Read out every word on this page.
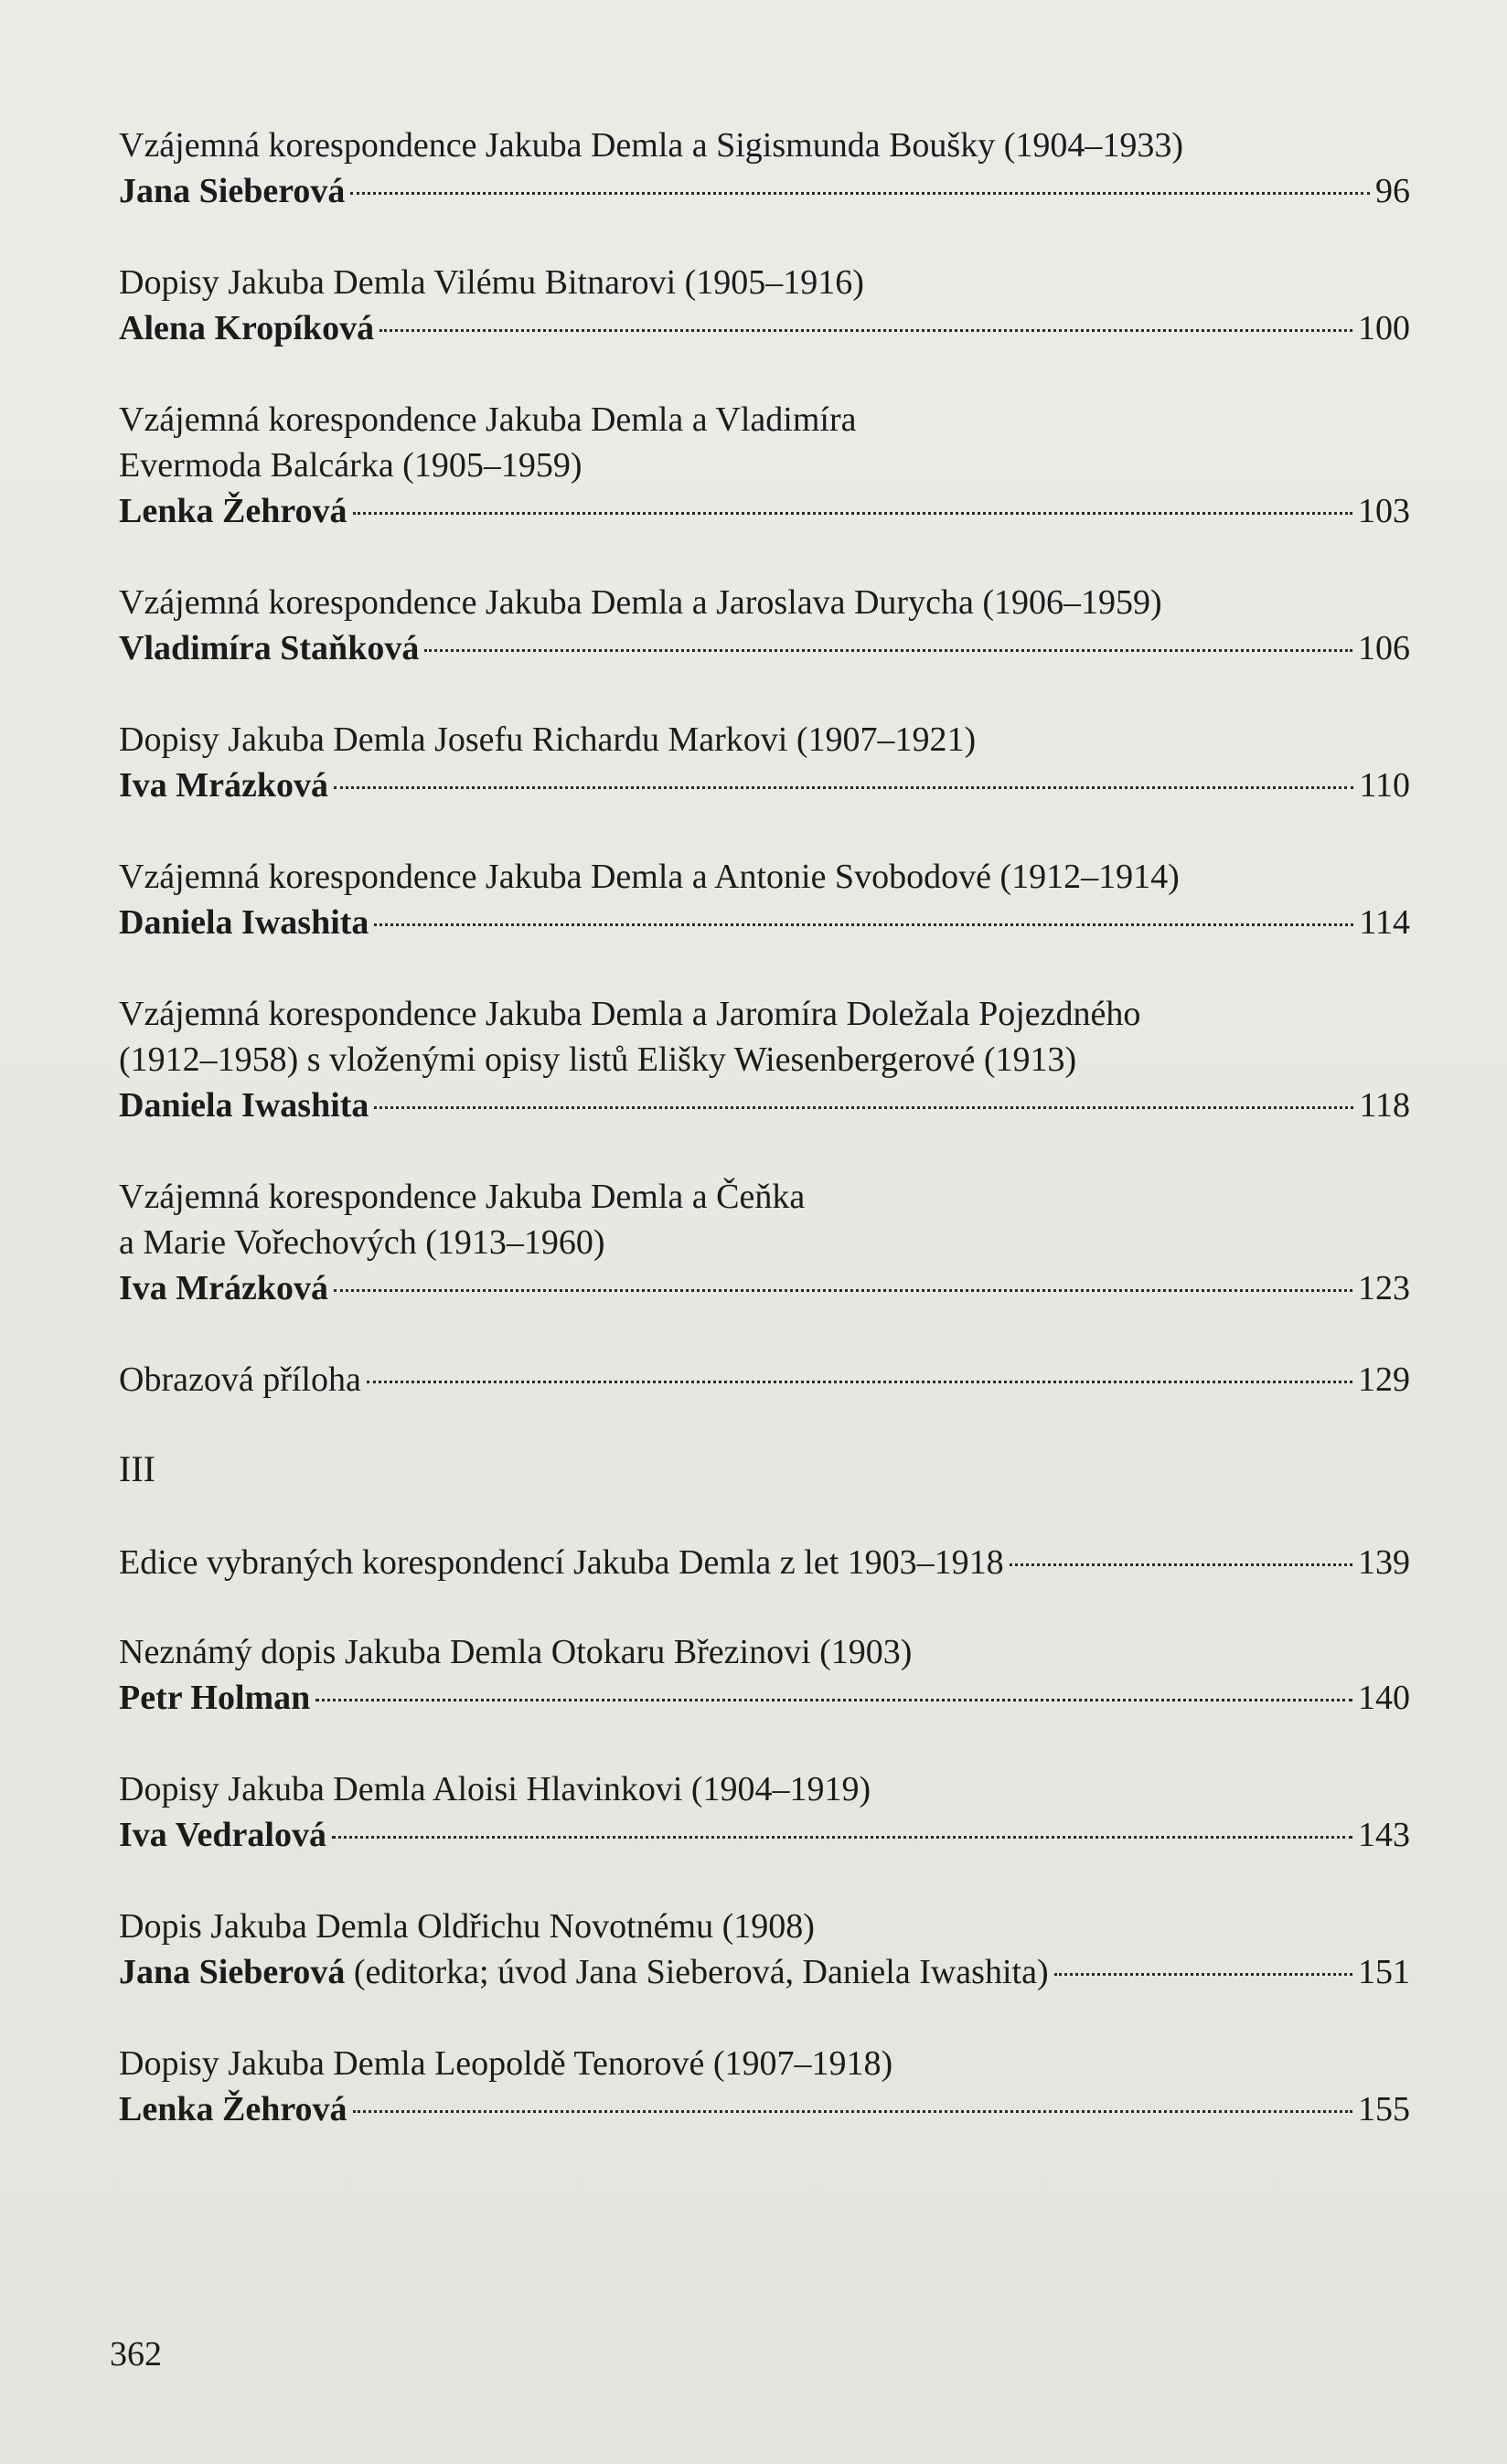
Vzájemná korespondence Jakuba Demla a Sigismunda Boušky (1904–1933)
Jana Sieberová	96
Dopisy Jakuba Demla Vilému Bitnarovi (1905–1916)
Alena Kropíková	100
Vzájemná korespondence Jakuba Demla a Vladimíra
Evermoda Balcárka (1905–1959)
Lenka Žehrová	103
Vzájemná korespondence Jakuba Demla a Jaroslava Durycha (1906–1959)
Vladimíra Staňková	106
Dopisy Jakuba Demla Josefu Richardu Markovi (1907–1921)
Iva Mrázková	110
Vzájemná korespondence Jakuba Demla a Antonie Svobodové (1912–1914)
Daniela Iwashita	114
Vzájemná korespondence Jakuba Demla a Jaromíra Doležala Pojezdného
(1912–1958) s vloženými opisy listů Elišky Wiesenbergerové (1913)
Daniela Iwashita	118
Vzájemná korespondence Jakuba Demla a Čeňka
a Marie Vořechových (1913–1960)
Iva Mrázková	123
Obrazová příloha	129
III
Edice vybraných korespondencí Jakuba Demla z let 1903–1918	139
Neznámý dopis Jakuba Demla Otokaru Březinovi (1903)
Petr Holman	140
Dopisy Jakuba Demla Aloisi Hlavinkovi (1904–1919)
Iva Vedralová	143
Dopis Jakuba Demla Oldřichu Novotnému (1908)
Jana Sieberová (editorka; úvod Jana Sieberová, Daniela Iwashita)	151
Dopisy Jakuba Demla Leopoldě Tenorové (1907–1918)
Lenka Žehrová	155
362
